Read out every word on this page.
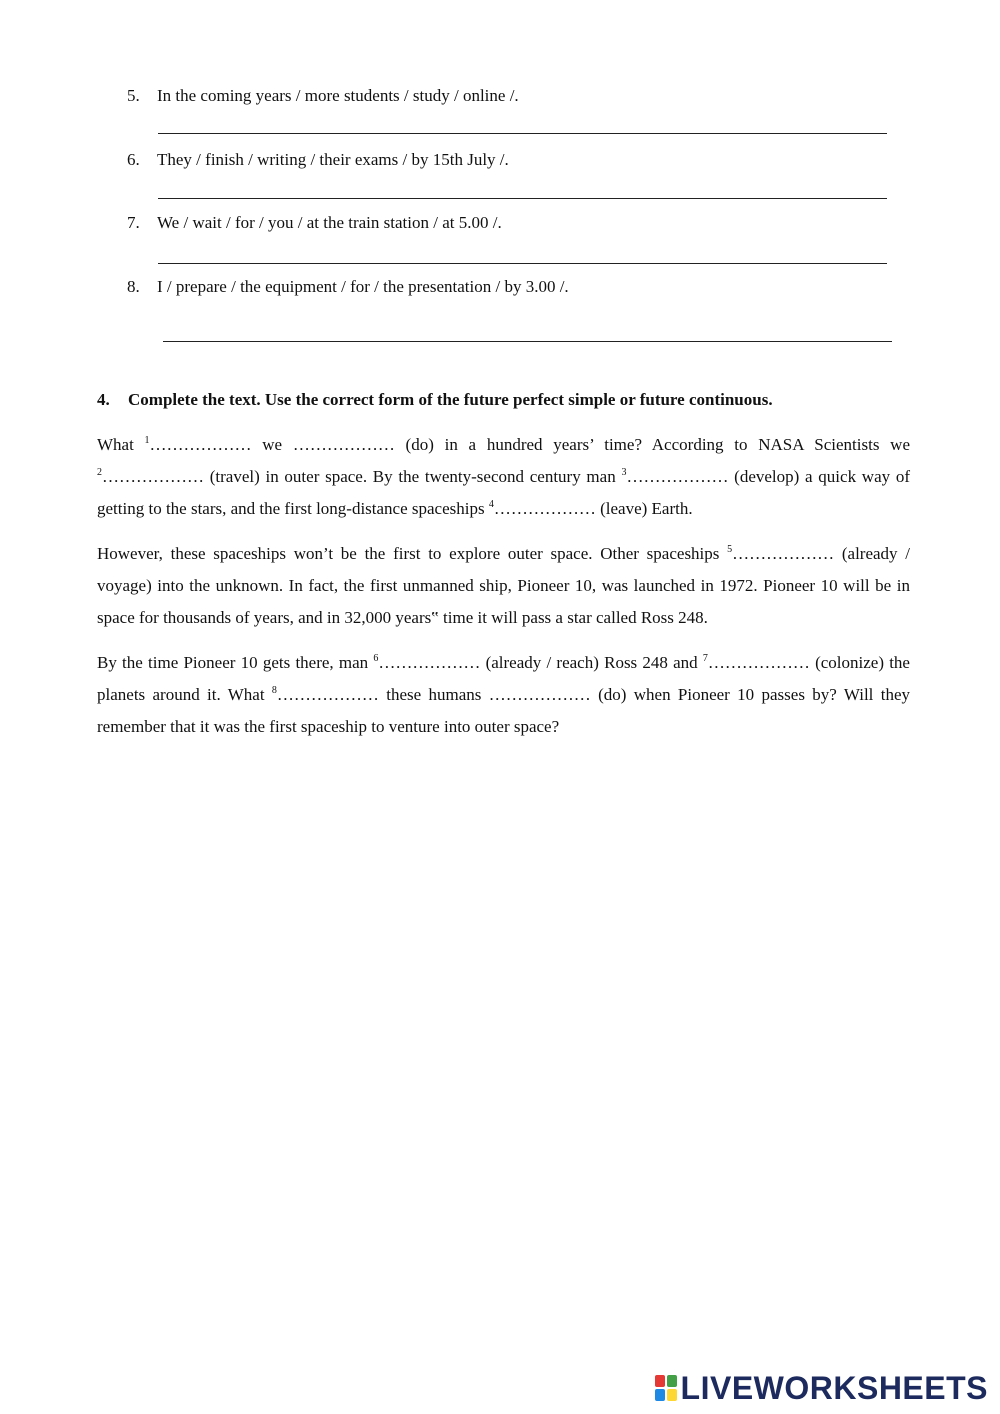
5. In the coming years / more students / study / online /.
6. They / finish / writing / their exams / by 15th July /.
7. We / wait / for / you / at the train station / at 5.00 /.
8. I / prepare / the equipment / for / the presentation / by 3.00 /.
4. Complete the text. Use the correct form of the future perfect simple or future continuous.
What $^1$……………… we ……………… (do) in a hundred years’ time? According to NASA Scientists we $^2$……………… (travel) in outer space. By the twenty-second century man $^3$……………… (develop) a quick way of getting to the stars, and the first long-distance spaceships $^4$……………… (leave) Earth.
However, these spaceships won’t be the first to explore outer space. Other spaceships $^5$……………… (already / voyage) into the unknown. In fact, the first unmanned ship, Pioneer 10, was launched in 1972. Pioneer 10 will be in space for thousands of years, and in 32,000 years‟ time it will pass a star called Ross 248.
By the time Pioneer 10 gets there, man $^6$……………… (already / reach) Ross 248 and $^7$……………… (colonize) the planets around it. What $^8$……………… these humans ……………… (do) when Pioneer 10 passes by? Will they remember that it was the first spaceship to venture into outer space?
LIVEWORKSHEETS
